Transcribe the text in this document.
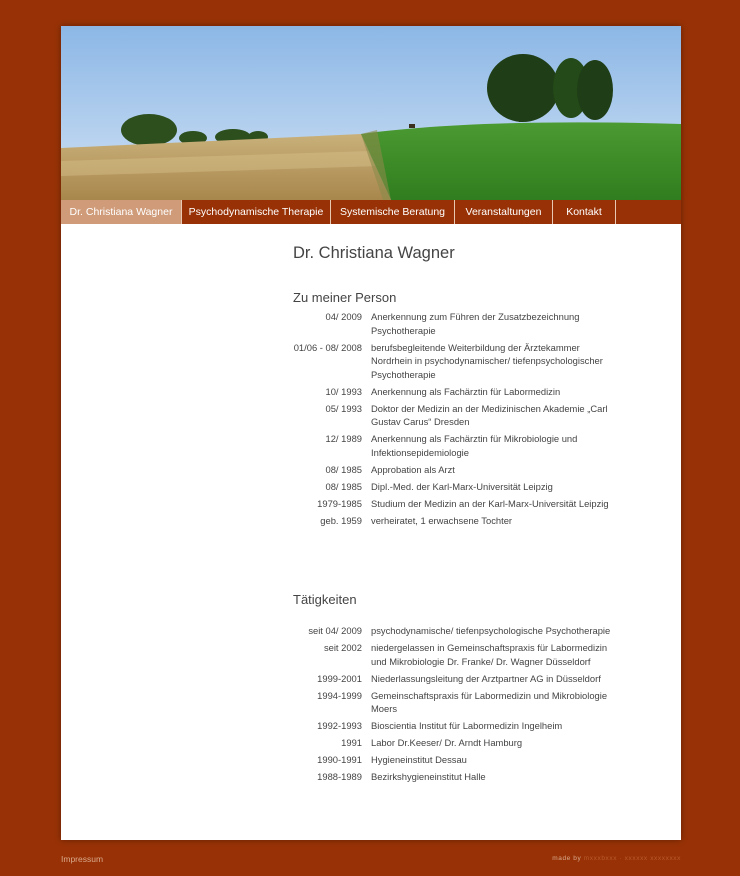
Dr. Christiana Wagner	Psychodynamische Therapie	Systemische Beratung	Veranstaltungen	Kontakt
Dr. Christiana Wagner
Zu meiner Person
04/ 2009 Anerkennung zum Führen der Zusatzbezeichnung Psychotherapie
01/06 - 08/ 2008 berufsbegleitende Weiterbildung der Ärztekammer Nordrhein in psychodynamischer/ tiefenpsychologischer Psychotherapie
10/ 1993 Anerkennung als Fachärztin für Labormedizin
05/ 1993 Doktor der Medizin an der Medizinischen Akademie „Carl Gustav Carus“ Dresden
12/ 1989 Anerkennung als Fachärztin für Mikrobiologie und Infektionsepidemiologie
08/ 1985 Approbation als Arzt
08/ 1985 Dipl.-Med. der Karl-Marx-Universität Leipzig
1979-1985 Studium der Medizin an der Karl-Marx-Universität Leipzig
geb. 1959 verheiratet, 1 erwachsene Tochter
Tätigkeiten
seit 04/ 2009 psychodynamische/ tiefenpsychologische Psychotherapie
seit 2002 niedergelassen in Gemeinschaftspraxis für Labormedizin und Mikrobiologie Dr. Franke/ Dr. Wagner Düsseldorf
1999-2001 Niederlassungsleitung der Arztpartner AG in Düsseldorf
1994-1999 Gemeinschaftspraxis für Labormedizin und Mikrobiologie Moers
1992-1993 Bioscientia Institut für Labormedizin Ingelheim
1991 Labor Dr.Keeser/ Dr. Arndt Hamburg
1990-1991 Hygieneinstitut Dessau
1988-1989 Bezirkshygieneinstitut Halle
Impressum	made by mxxxbxxx · xxxxxx xxxxxxxx
